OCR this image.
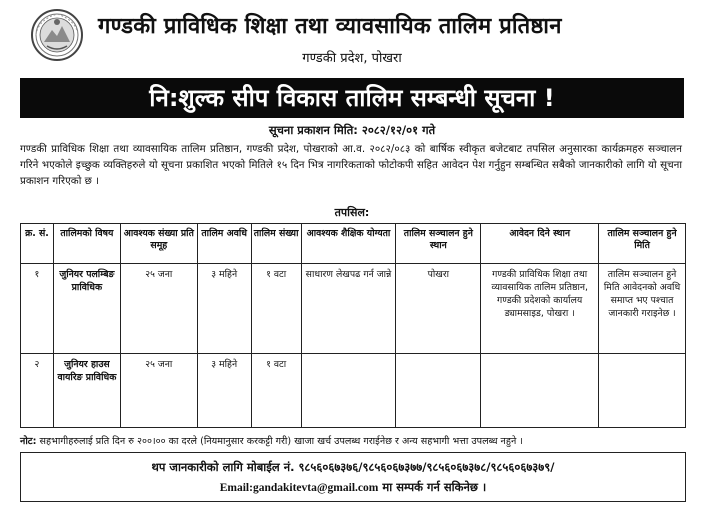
गण्डकी प्राविधिक शिक्षा तथा व्यावसायिक तालिम प्रतिष्ठान
गण्डकी प्रदेश, पोखरा
नि:शुल्क सीप विकास तालिम सम्बन्धी सूचना !
सूचना प्रकाशन मिति: २०८२/१२/०१ गते
गण्डकी प्राविधिक शिक्षा तथा व्यावसायिक तालिम प्रतिष्ठान, गण्डकी प्रदेश, पोखराको आ.व. २०८२/०८३ को बार्षिक स्वीकृत बजेटबाट तपसिल अनुसारका कार्यक्रमहरु सञ्चालन गरिने भएकोले इच्छुक व्यक्तिहरुले यो सूचना प्रकाशित भएको मितिले १५ दिन भित्र नागरिकताको फोटोकपी सहित आवेदन पेश गर्नुहुन सम्बन्धित सबैको जानकारीको लागि यो सूचना प्रकाशन गरिएको छ ।
तपसिल:
क्र. सं.	तालिमको विषय	आवश्यक संख्या प्रति समूह	तालिम अवधि	तालिम संख्या	आवश्यक शैक्षिक योग्यता	तालिम सञ्चालन हुने स्थान	आवेदन दिने स्थान	तालिम सञ्चालन हुने मिति
१	जुनियर पलम्बिङ प्राविधिक	२५ जना	३ महिने	१ वटा	साधारण लेखपढ गर्न जान्ने	पोखरा	गण्डकी प्राविधिक शिक्षा तथा व्यावसायिक तालिम प्रतिष्ठान, गण्डकी प्रदेशको कार्यालय ड्यामसाइड, पोखरा ।	तालिम सञ्चालन हुने मिति आवेदनको अवधि समाप्त भए पश्चात जानकारी गराइनेछ ।
२	जुनियर हाउस वायरिङ प्राविधिक	२५ जना	३ महिने	१ वटा				
नोट: सहभागीहरुलाई प्रति दिन रु २००।०० का दरले (नियमानुसार करकट्टी गरी) खाजा खर्च उपलब्ध गराईनेछ र अन्य सहभागी भत्ता उपलब्ध नहुने ।
थप जानकारीको लागि मोबाईल नं. ९८५६०६७३७६/९८५६०६७३७७/९८५६०६७३७८/९८५६०६७३७९/
Email:gandakitevta@gmail.com मा सम्पर्क गर्न सकिनेछ ।
